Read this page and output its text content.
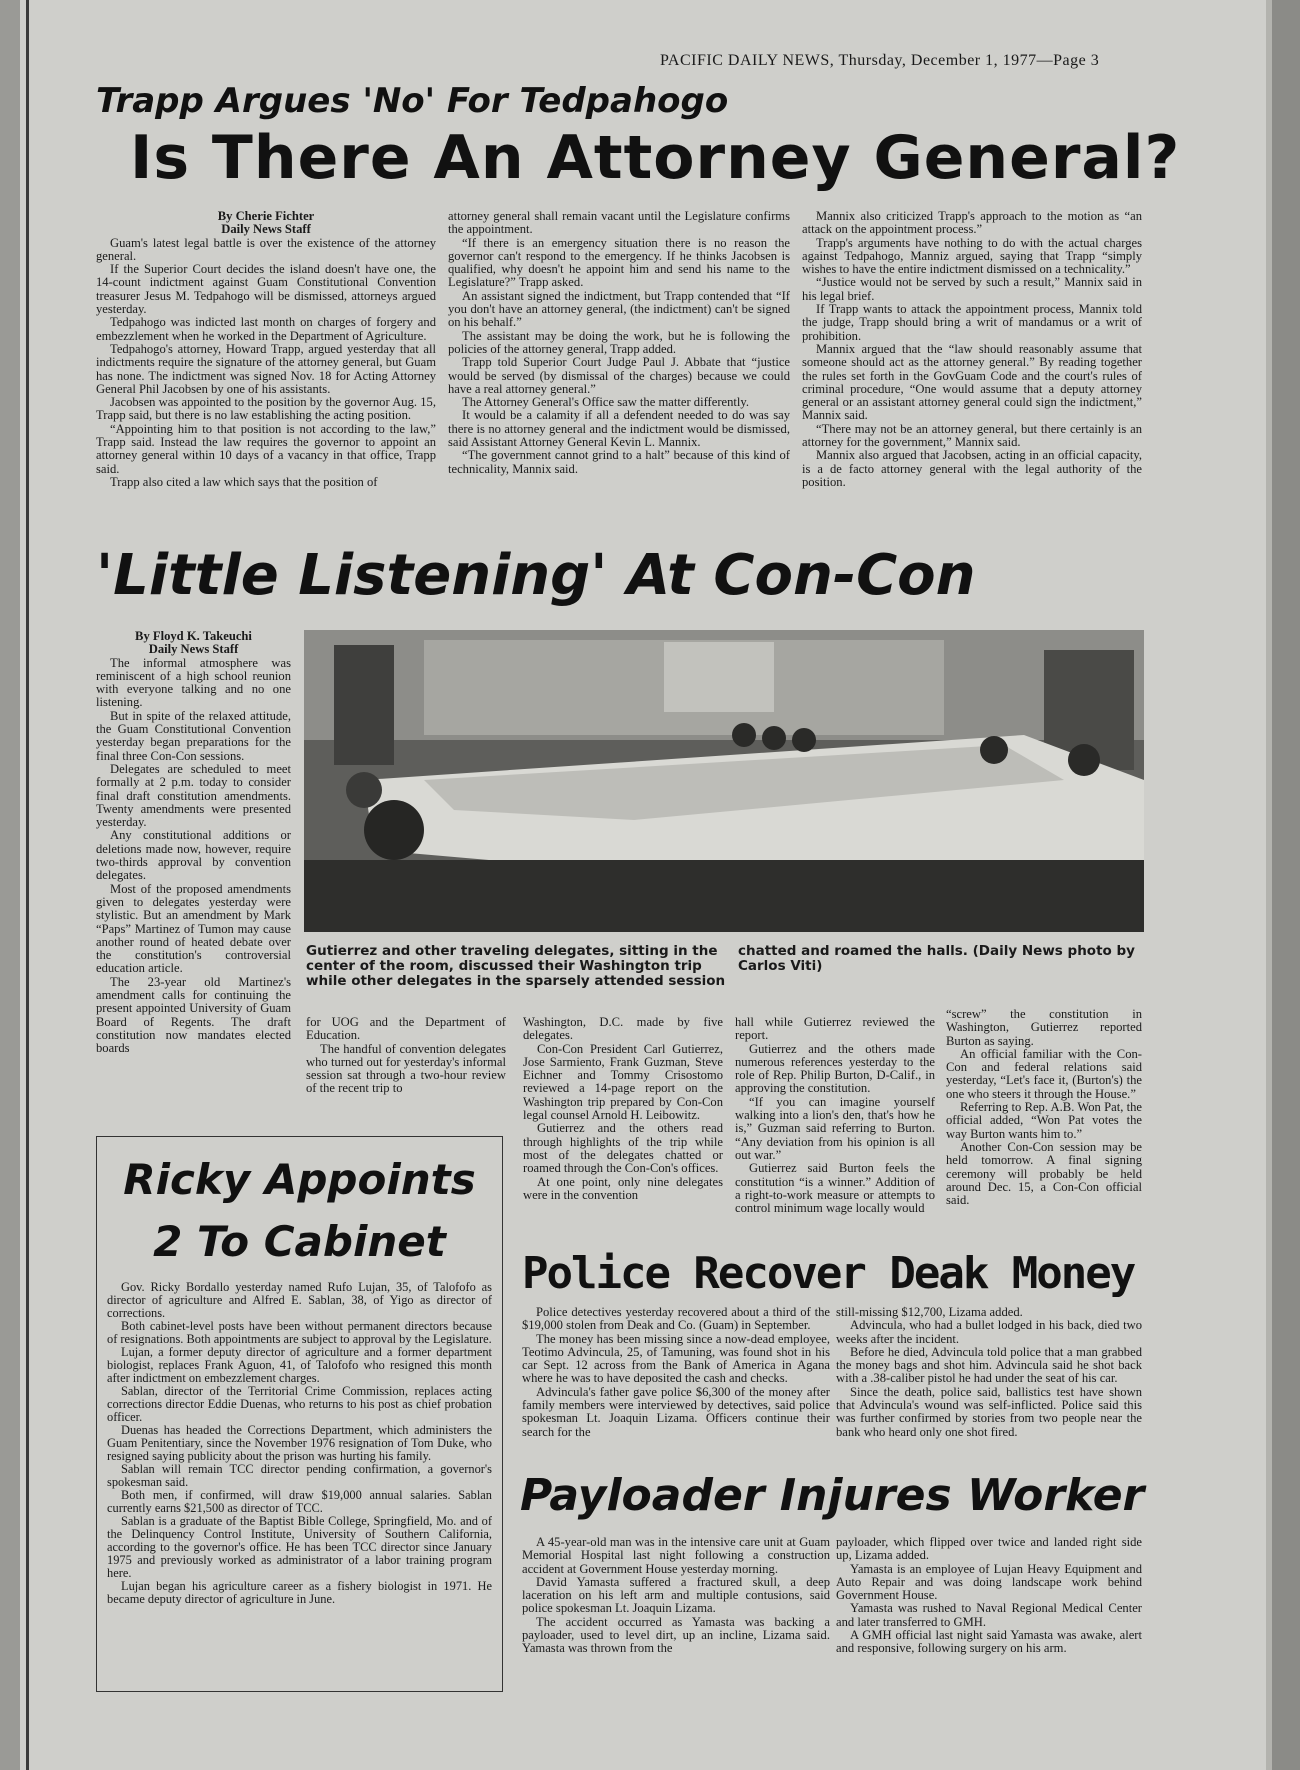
PACIFIC DAILY NEWS, Thursday, December 1, 1977—Page 3
Trapp Argues 'No' For Tedpahogo
Is There An Attorney General?
By Cherie Fichter
Daily News Staff

Guam's latest legal battle is over the existence of the attorney general.

If the Superior Court decides the island doesn't have one, the 14-count indictment against Guam Constitutional Convention treasurer Jesus M. Tedpahogo will be dismissed, attorneys argued yesterday.

Tedpahogo was indicted last month on charges of forgery and embezzlement when he worked in the Department of Agriculture.

Tedpahogo's attorney, Howard Trapp, argued yesterday that all indictments require the signature of the attorney general, but Guam has none. The indictment was signed Nov. 18 for Acting Attorney General Phil Jacobsen by one of his assistants.

Jacobsen was appointed to the position by the governor Aug. 15, Trapp said, but there is no law establishing the acting position.

“Appointing him to that position is not according to the law,” Trapp said. Instead the law requires the governor to appoint an attorney general within 10 days of a vacancy in that office, Trapp said.

Trapp also cited a law which says that the position of

attorney general shall remain vacant until the Legislature confirms the appointment.

“If there is an emergency situation there is no reason the governor can't respond to the emergency. If he thinks Jacobsen is qualified, why doesn't he appoint him and send his name to the Legislature?” Trapp asked.

An assistant signed the indictment, but Trapp contended that “If you don't have an attorney general, (the indictment) can't be signed on his behalf.”

The assistant may be doing the work, but he is following the policies of the attorney general, Trapp added.

Trapp told Superior Court Judge Paul J. Abbate that “justice would be served (by dismissal of the charges) because we could have a real attorney general.”

The Attorney General's Office saw the matter differently.

It would be a calamity if all a defendent needed to do was say there is no attorney general and the indictment would be dismissed, said Assistant Attorney General Kevin L. Mannix.

“The government cannot grind to a halt” because of this kind of technicality, Mannix said.

Mannix also criticized Trapp's approach to the motion as “an attack on the appointment process.”

Trapp's arguments have nothing to do with the actual charges against Tedpahogo, Manniz argued, saying that Trapp “simply wishes to have the entire indictment dismissed on a technicality.”

“Justice would not be served by such a result,” Mannix said in his legal brief.

If Trapp wants to attack the appointment process, Mannix told the judge, Trapp should bring a writ of mandamus or a writ of prohibition.

Mannix argued that the “law should reasonably assume that someone should act as the attorney general.” By reading together the rules set forth in the GovGuam Code and the court's rules of criminal procedure, “One would assume that a deputy attorney general or an assistant attorney general could sign the indictment,” Mannix said.

“There may not be an attorney general, but there certainly is an attorney for the government,” Mannix said.

Mannix also argued that Jacobsen, acting in an official capacity, is a de facto attorney general with the legal authority of the position.

'Little Listening' At Con-Con
By Floyd K. Takeuchi
Daily News Staff

The informal atmosphere was reminiscent of a high school reunion with everyone talking and no one listening.

But in spite of the relaxed attitude, the Guam Constitutional Convention yesterday began preparations for the final three Con-Con sessions.

Delegates are scheduled to meet formally at 2 p.m. today to consider final draft constitution amendments. Twenty amendments were presented yesterday.

Any constitutional additions or deletions made now, however, require two-thirds approval by convention delegates.

Most of the proposed amendments given to delegates yesterday were stylistic. But an amendment by Mark “Paps” Martinez of Tumon may cause another round of heated debate over the constitution's controversial education article.

The 23-year old Martinez's amendment calls for continuing the present appointed University of Guam Board of Regents. The draft constitution now mandates elected boards

Gutierrez and other traveling delegates, sitting in the center of the room, discussed their Washington trip while other delegates in the sparsely attended session
chatted and roamed the halls. (Daily News photo by Carlos Viti)

for UOG and the Department of Education.

The handful of convention delegates who turned out for yesterday's informal session sat through a two-hour review of the recent trip to

Washington, D.C. made by five delegates.

Con-Con President Carl Gutierrez, Jose Sarmiento, Frank Guzman, Steve Eichner and Tommy Crisostomo reviewed a 14-page report on the Washington trip prepared by Con-Con legal counsel Arnold H. Leibowitz.

Gutierrez and the others read through highlights of the trip while most of the delegates chatted or roamed through the Con-Con's offices.

At one point, only nine delegates were in the convention

hall while Gutierrez reviewed the report.

Gutierrez and the others made numerous references yesterday to the role of Rep. Philip Burton, D-Calif., in approving the constitution.

“If you can imagine yourself walking into a lion's den, that's how he is,” Guzman said referring to Burton. “Any deviation from his opinion is all out war.”

Gutierrez said Burton feels the constitution “is a winner.” Addition of a right-to-work measure or attempts to control minimum wage locally would

“screw” the constitution in Washington, Gutierrez reported Burton as saying.

An official familiar with the Con-Con and federal relations said yesterday, “Let's face it, (Burton's) the one who steers it through the House.”

Referring to Rep. A.B. Won Pat, the official added, “Won Pat votes the way Burton wants him to.”

Another Con-Con session may be held tomorrow. A final signing ceremony will probably be held around Dec. 15, a Con-Con official said.

Ricky Appoints
2 To Cabinet

Gov. Ricky Bordallo yesterday named Rufo Lujan, 35, of Talofofo as director of agriculture and Alfred E. Sablan, 38, of Yigo as director of corrections.

Both cabinet-level posts have been without permanent directors because of resignations. Both appointments are subject to approval by the Legislature.

Lujan, a former deputy director of agriculture and a former department biologist, replaces Frank Aguon, 41, of Talofofo who resigned this month after indictment on embezzlement charges.

Sablan, director of the Territorial Crime Commission, replaces acting corrections director Eddie Duenas, who returns to his post as chief probation officer.

Duenas has headed the Corrections Department, which administers the Guam Penitentiary, since the November 1976 resignation of Tom Duke, who resigned saying publicity about the prison was hurting his family.

Sablan will remain TCC director pending confirmation, a governor's spokesman said.

Both men, if confirmed, will draw $19,000 annual salaries. Sablan currently earns $21,500 as director of TCC.

Sablan is a graduate of the Baptist Bible College, Springfield, Mo. and of the Delinquency Control Institute, University of Southern California, according to the governor's office. He has been TCC director since January 1975 and previously worked as administrator of a labor training program here.

Lujan began his agriculture career as a fishery biologist in 1971. He became deputy director of agriculture in June.

Police Recover Deak Money

Police detectives yesterday recovered about a third of the $19,000 stolen from Deak and Co. (Guam) in September.

The money has been missing since a now-dead employee, Teotimo Advincula, 25, of Tamuning, was found shot in his car Sept. 12 across from the Bank of America in Agana where he was to have deposited the cash and checks.

Advincula's father gave police $6,300 of the money after family members were interviewed by detectives, said police spokesman Lt. Joaquin Lizama. Officers continue their search for the

still-missing $12,700, Lizama added.

Advincula, who had a bullet lodged in his back, died two weeks after the incident.

Before he died, Advincula told police that a man grabbed the money bags and shot him. Advincula said he shot back with a .38-caliber pistol he had under the seat of his car.

Since the death, police said, ballistics test have shown that Advincula's wound was self-inflicted. Police said this was further confirmed by stories from two people near the bank who heard only one shot fired.

Payloader Injures Worker

A 45-year-old man was in the intensive care unit at Guam Memorial Hospital last night following a construction accident at Government House yesterday morning.

David Yamasta suffered a fractured skull, a deep laceration on his left arm and multiple contusions, said police spokesman Lt. Joaquin Lizama.

The accident occurred as Yamasta was backing a payloader, used to level dirt, up an incline, Lizama said. Yamasta was thrown from the

payloader, which flipped over twice and landed right side up, Lizama added.

Yamasta is an employee of Lujan Heavy Equipment and Auto Repair and was doing landscape work behind Government House.

Yamasta was rushed to Naval Regional Medical Center and later transferred to GMH.

A GMH official last night said Yamasta was awake, alert and responsive, following surgery on his arm.
